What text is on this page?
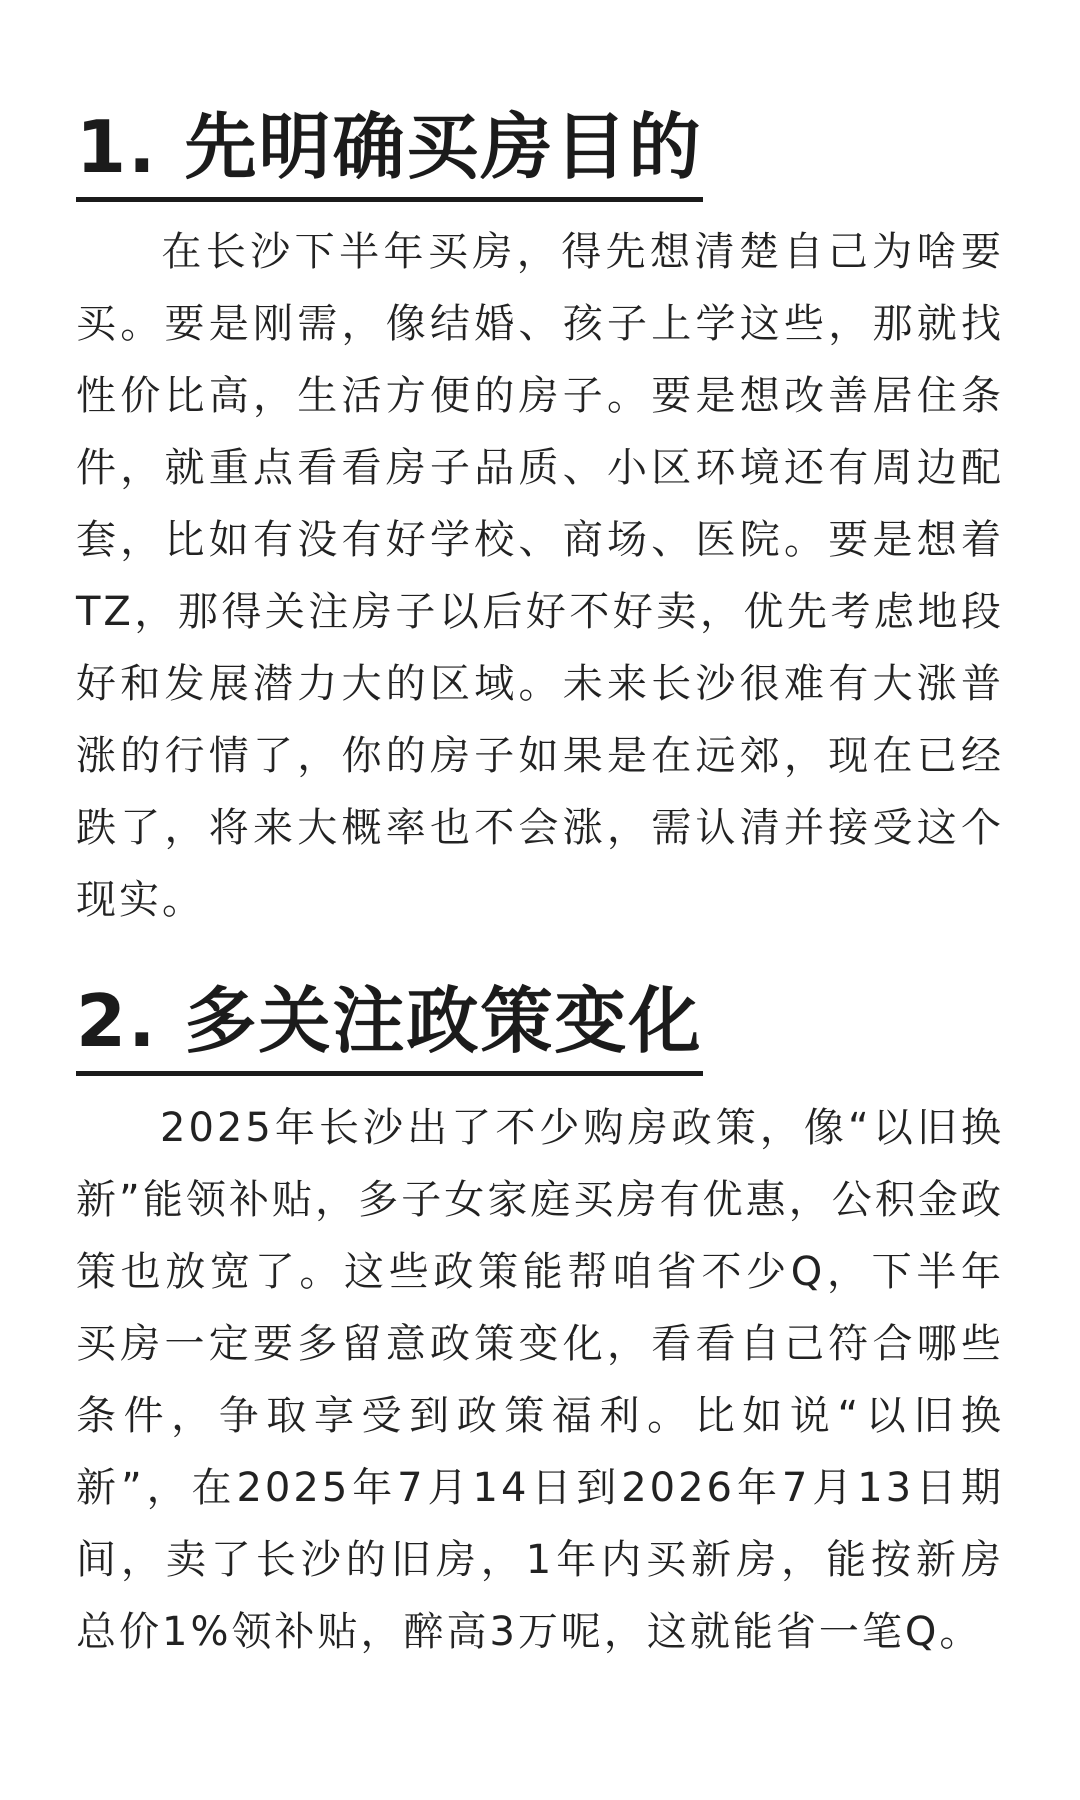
1. 先明确买房目的

在长沙下半年买房，得先想清楚自己为啥要买。要是刚需，像结婚、孩子上学这些，那就找性价比高，生活方便的房子。要是想改善居住条件，就重点看看房子品质、小区环境还有周边配套，比如有没有好学校、商场、医院。要是想着TZ，那得关注房子以后好不好卖，优先考虑地段好和发展潜力大的区域。未来长沙很难有大涨普涨的行情了，你的房子如果是在远郊，现在已经跌了，将来大概率也不会涨，需认清并接受这个现实。

2. 多关注政策变化

2025年长沙出了不少购房政策，像“以旧换新”能领补贴，多子女家庭买房有优惠，公积金政策也放宽了。这些政策能帮咱省不少Q，下半年买房一定要多留意政策变化，看看自己符合哪些条件，争取享受到政策福利。比如说“以旧换新”，在2025年7月14日到2026年7月13日期间，卖了长沙的旧房，1年内买新房，能按新房总价1%领补贴，醉高3万呢，这就能省一笔Q。
